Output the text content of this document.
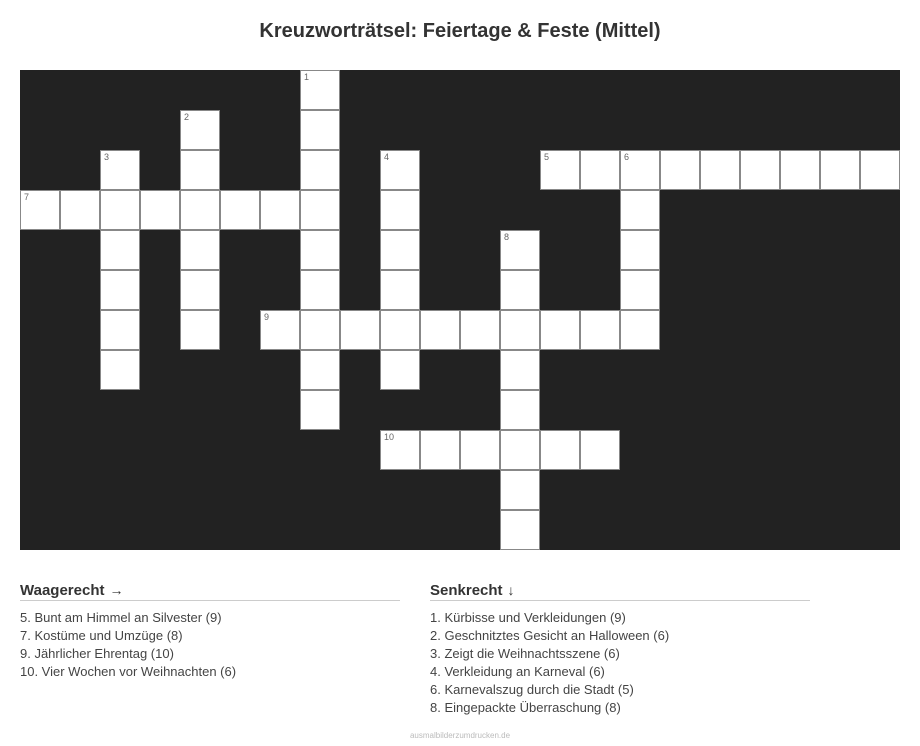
Kreuzworträtsel: Feiertage & Feste (Mittel)
1
2
3	4	5	6
7
8
9
10
Waagerecht →
5. Bunt am Himmel an Silvester (9)
7. Kostüme und Umzüge (8)
9. Jährlicher Ehrentag (10)
10. Vier Wochen vor Weihnachten (6)
Senkrecht ↓
1. Kürbisse und Verkleidungen (9)
2. Geschnitztes Gesicht an Halloween (6)
3. Zeigt die Weihnachtsszene (6)
4. Verkleidung an Karneval (6)
6. Karnevalszug durch die Stadt (5)
8. Eingepackte Überraschung (8)
ausmalbilderzumdrucken.de
